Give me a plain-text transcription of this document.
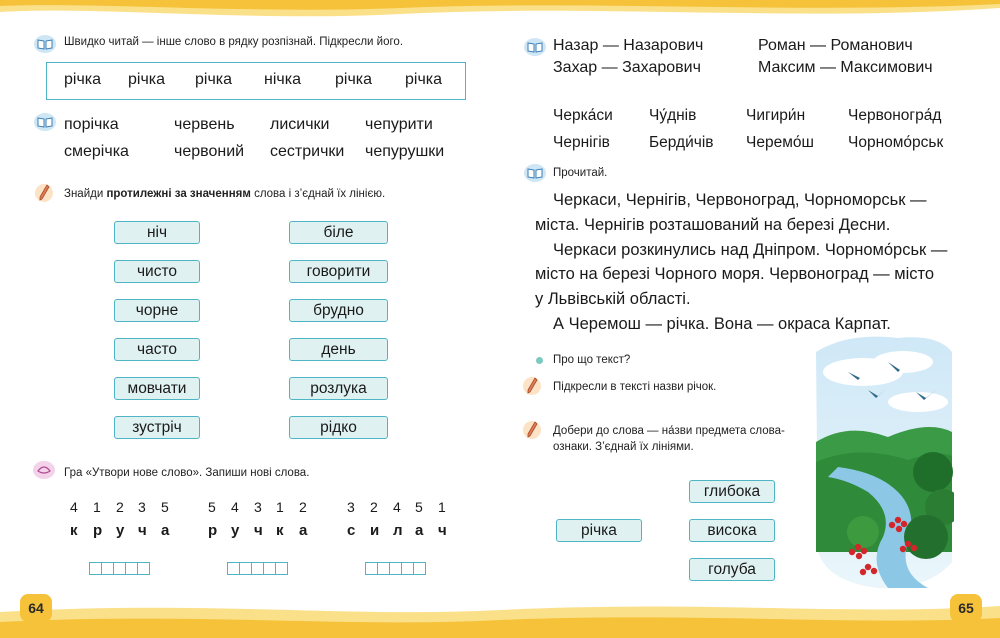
64	65
Швидко читай — інше слово в рядку розпізнай. Підкресли його.
річка річка річка нічка річка річка
порічка	червень лисички чепурити
смерічка	червоний сестрички чепурушки
Знайди протилежні за значенням слова і з’єднай їх лінією.
ніч
чисто
чорне
часто
мовчати
зустріч
біле
говорити
брудно
день
розлука
рідко
Гра «Утвори нове слово». Запиши нові слова.
4 1 2 3 5
к р у ч а
5 4 3 1 2
р у ч к а
3 2 4 5 1
с и л а ч
Назар — Назарович	Роман — Романович
Захар — Захарович	Максим — Максимович
Черка́си Чу́днів	Чигири́н	Червоногра́д
Чернігів	Берди́чів Черемо́ш Чорномо́рськ
Прочитай.
Черкаси, Чернігів, Червоноград, Чорноморськ —
міста. Чернігів розташований на березі Десни.
Черкаси розкинулись над Дніпром. Чорномо́рськ —
місто на березі Чорного моря. Червоноград — місто
у Львівській області.
А Черемош — річка. Вона — окраса Карпат.
Про що текст?
Підкресли в тексті назви річок.
Добери до слова — на́зви предмета слова-
ознаки. З’єднай їх лініями.
річка
глибока
висока
голуба
